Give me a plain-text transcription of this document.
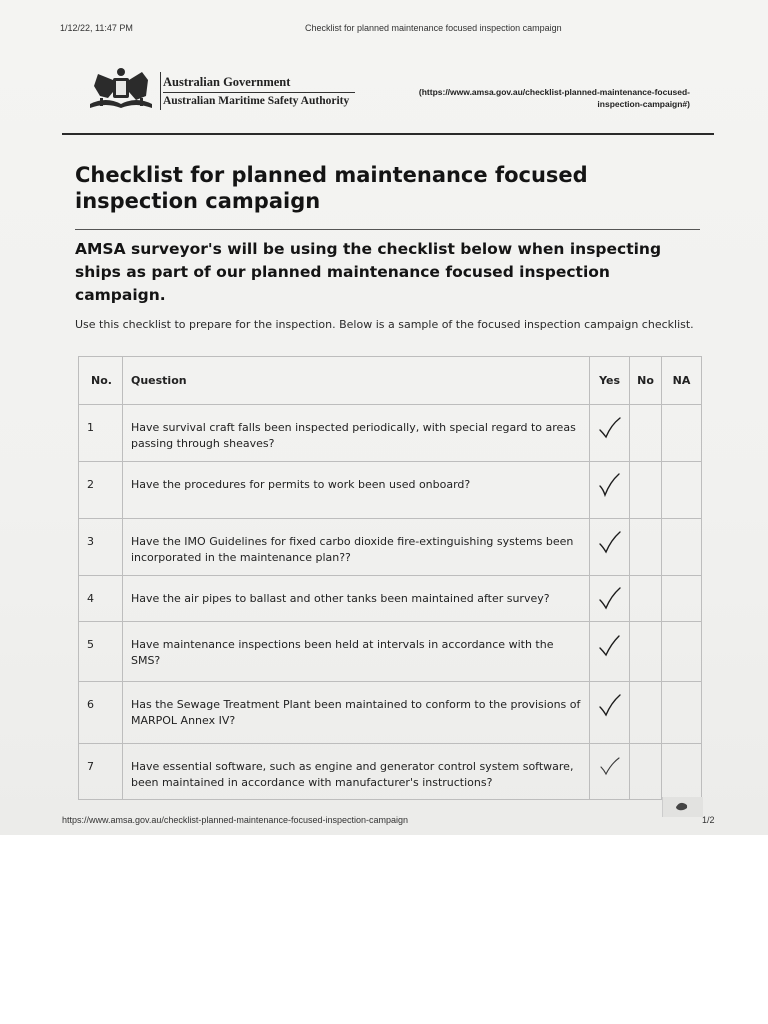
1/12/22, 11:47 PM	Checklist for planned maintenance focused inspection campaign
Australian Government
Australian Maritime Safety Authority
(https://www.amsa.gov.au/checklist-planned-maintenance-focused-inspection-campaign#)
Checklist for planned maintenance focused inspection campaign

AMSA surveyor's will be using the checklist below when inspecting ships as part of our planned maintenance focused inspection campaign.

Use this checklist to prepare for the inspection. Below is a sample of the focused inspection campaign checklist.

No.	Question	Yes	No	NA
1	Have survival craft falls been inspected periodically, with special regard to areas passing through sheaves?			
2	Have the procedures for permits to work been used onboard?			
3	Have the IMO Guidelines for fixed carbo dioxide fire-extinguishing systems been incorporated in the maintenance plan??			
4	Have the air pipes to ballast and other tanks been maintained after survey?			
5	Have maintenance inspections been held at intervals in accordance with the SMS?			
6	Has the Sewage Treatment Plant been maintained to conform to the provisions of MARPOL Annex IV?			
7	Have essential software, such as engine and generator control system software, been maintained in accordance with manufacturer's instructions?			
https://www.amsa.gov.au/checklist-planned-maintenance-focused-inspection-campaign	1/2
